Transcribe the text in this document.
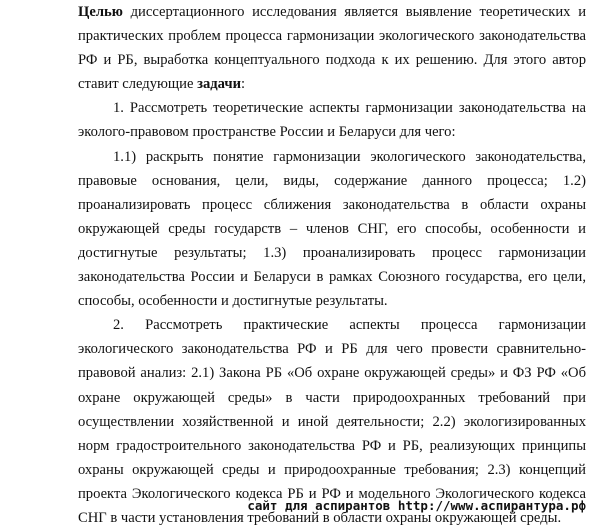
Целью диссертационного исследования является выявление теоретических и практических проблем процесса гармонизации экологического законодательства РФ и РБ, выработка концептуального подхода к их решению. Для этого автор ставит следующие задачи:

1. Рассмотреть теоретические аспекты гармонизации законодательства на эколого-правовом пространстве России и Беларуси для чего:

1.1) раскрыть понятие гармонизации экологического законодательства, правовые основания, цели, виды, содержание данного процесса; 1.2) проанализировать процесс сближения законодательства в области охраны окружающей среды государств – членов СНГ, его способы, особенности и достигнутые результаты; 1.3) проанализировать процесс гармонизации законодательства России и Беларуси в рамках Союзного государства, его цели, способы, особенности и достигнутые результаты.

2. Рассмотреть практические аспекты процесса гармонизации экологического законодательства РФ и РБ для чего провести сравнительно-правовой анализ: 2.1) Закона РБ «Об охране окружающей среды» и ФЗ РФ «Об охране окружающей среды» в части природоохранных требований при осуществлении хозяйственной и иной деятельности; 2.2) экологизированных норм градостроительного законодательства РФ и РБ, реализующих принципы охраны окружающей среды и природоохранные требования; 2.3) концепций проекта Экологического кодекса РБ и РФ и модельного Экологического кодекса СНГ в части установления требований в области охраны окружающей среды.

сайт для аспирантов http://www.аспирантура.рф
